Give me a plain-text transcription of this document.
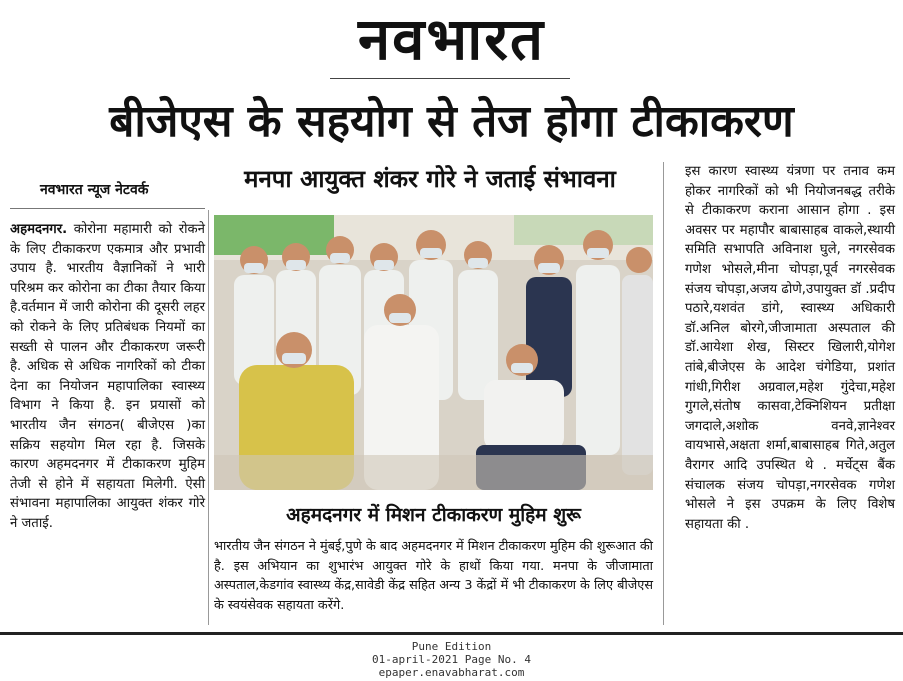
नवभारत
बीजेएस के सहयोग से तेज होगा टीकाकरण
मनपा आयुक्त शंकर गोरे ने जताई संभावना
नवभारत न्यूज नेटवर्क

अहमदनगर. कोरोना महामारी को रोकने के लिए टीकाकरण एकमात्र और प्रभावी उपाय है. भारतीय वैज्ञानिकों ने भारी परिश्रम कर कोरोना का टीका तैयार किया है.वर्तमान में जारी कोरोना की दूसरी लहर को रोकने के लिए प्रतिबंधक नियमों का सख्ती से पालन और टीकाकरण जरूरी है. अधिक से अधिक नागरिकों को टीका देना का नियोजन महापालिका स्वास्थ्य विभाग ने किया है. इन प्रयासों को भारतीय जैन संगठन( बीजेएस )का सक्रिय सहयोग मिल रहा है. जिसके कारण अहमदनगर में टीकाकरण मुहिम तेजी से होने में सहायता मिलेगी. ऐसी संभावना महापालिका आयुक्त शंकर गोरे ने जताई.	अहमदनगर में मिशन टीकाकरण मुहिम शुरू
भारतीय जैन संगठन ने मुंबई,पुणे के बाद अहमदनगर में मिशन टीकाकरण मुहिम की शुरूआत की है. इस अभियान का शुभारंभ आयुक्त गोरे के हाथों किया गया. मनपा के जीजामाता अस्पताल,केडगांव स्वास्थ्य केंद्र,सावेडी केंद्र सहित अन्य 3 केंद्रों में भी टीकाकरण के लिए बीजेएस के स्वयंसेवक सहायता करेंगे.

इस कारण स्वास्थ्य यंत्रणा पर तनाव कम होकर नागरिकों को भी नियोजनबद्ध तरीके से टीकाकरण कराना आसान होगा . इस अवसर पर महापौर बाबासाहब वाकले,स्थायी समिति सभापति अविनाश घुले, नगरसेवक गणेश भोसले,मीना चोपड़ा,पूर्व नगरसेवक संजय चोपड़ा,अजय ढोणे,उपायुक्त डॉ .प्रदीप पठारे,यशवंत डांगे, स्वास्थ्य अधिकारी डॉ.अनिल बोरगे,जीजामाता अस्पताल की डॉ.आयेशा शेख, सिस्टर खिलारी,योगेश तांबे,बीजेएस के आदेश चंगेडिया, प्रशांत गांधी,गिरीश अग्रवाल,महेश गुंदेचा,महेश गुगले,संतोष कासवा,टेक्निशियन प्रतीक्षा जगदाले,अशोक वनवे,ज्ञानेश्वर वायभासे,अक्षता शर्मा,बाबासाहब गिते,अतुल वैरागर आदि उपस्थित थे . मर्चेट्स बैंक संचालक संजय चोपड़ा,नगरसेवक गणेश भोसले ने इस उपक्रम के लिए विशेष सहायता की .

Pune Edition
01-april-2021 Page No. 4
epaper.enavabharat.com
